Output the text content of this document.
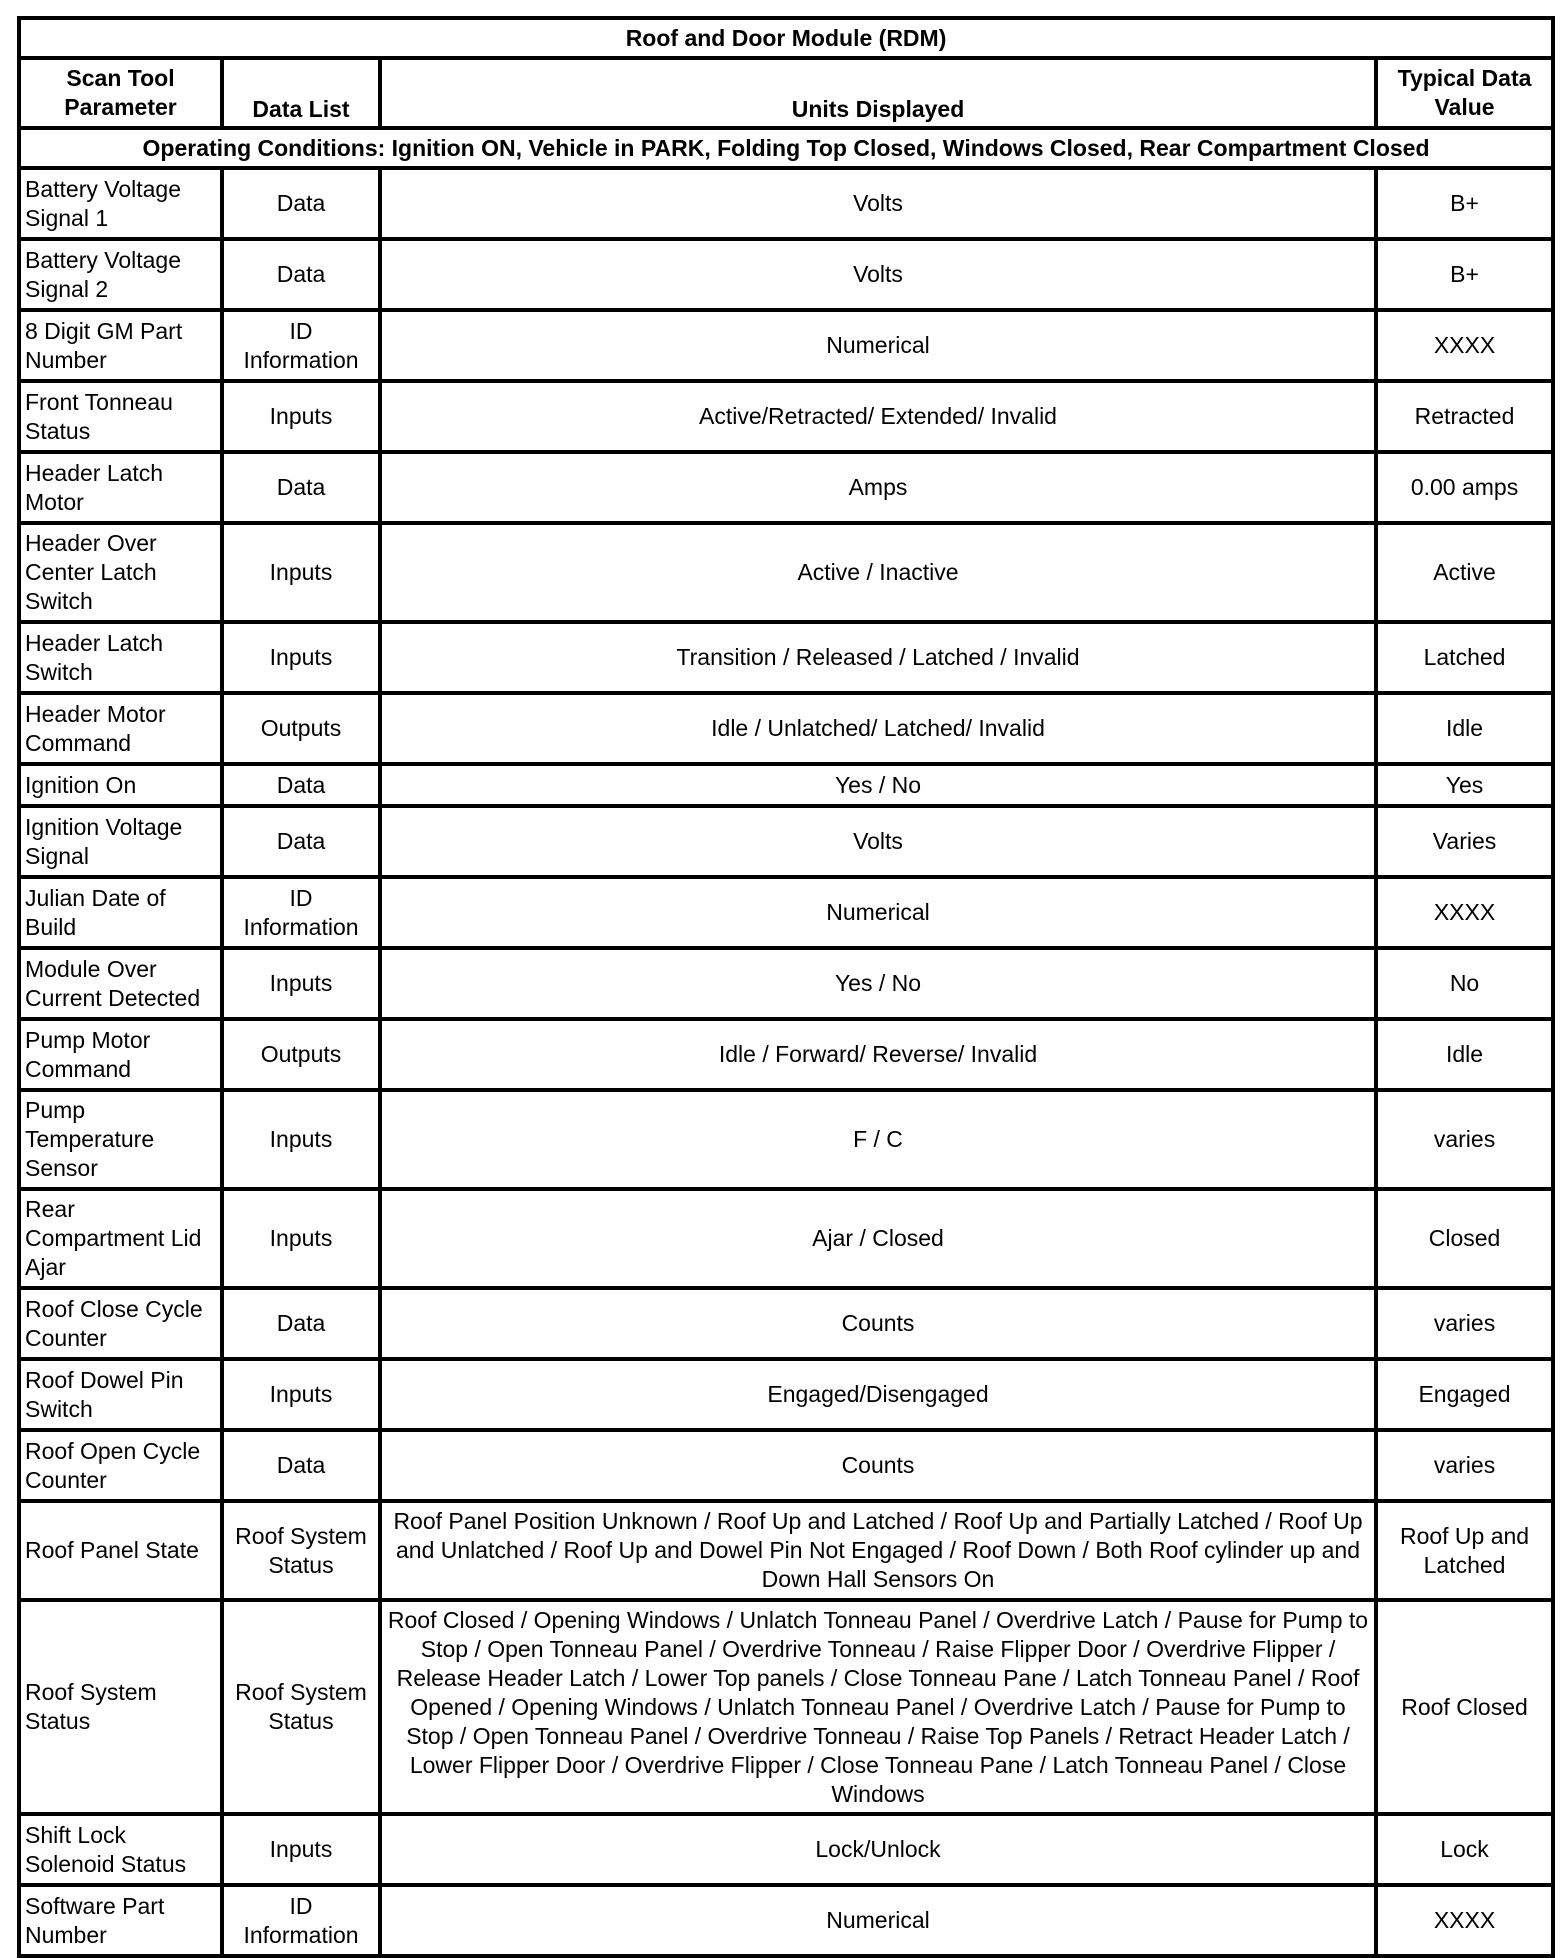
Roof and Door Module (RDM)			
Scan Tool Parameter	Data List	Units Displayed	Typical Data Value
Operating Conditions: Ignition ON, Vehicle in PARK, Folding Top Closed, Windows Closed, Rear Compartment Closed			
Battery Voltage Signal 1	Data	Volts	B+
Battery Voltage Signal 2	Data	Volts	B+
8 Digit GM Part Number	ID Information	Numerical	XXXX
Front Tonneau Status	Inputs	Active/Retracted/ Extended/ Invalid	Retracted
Header Latch Motor	Data	Amps	0.00 amps
Header Over Center Latch Switch	Inputs	Active / Inactive	Active
Header Latch Switch	Inputs	Transition / Released / Latched / Invalid	Latched
Header Motor Command	Outputs	Idle / Unlatched/ Latched/ Invalid	Idle
Ignition On	Data	Yes / No	Yes
Ignition Voltage Signal	Data	Volts	Varies
Julian Date of Build	ID Information	Numerical	XXXX
Module Over Current Detected	Inputs	Yes / No	No
Pump Motor Command	Outputs	Idle / Forward/ Reverse/ Invalid	Idle
Pump Temperature Sensor	Inputs	F / C	varies
Rear Compartment Lid Ajar	Inputs	Ajar / Closed	Closed
Roof Close Cycle Counter	Data	Counts	varies
Roof Dowel Pin Switch	Inputs	Engaged/Disengaged	Engaged
Roof Open Cycle Counter	Data	Counts	varies
Roof Panel State	Roof System Status	Roof Panel Position Unknown / Roof Up and Latched / Roof Up and Partially Latched / Roof Up and Unlatched / Roof Up and Dowel Pin Not Engaged / Roof Down / Both Roof cylinder up and Down Hall Sensors On	Roof Up and Latched
Roof System Status	Roof System Status	Roof Closed / Opening Windows / Unlatch Tonneau Panel / Overdrive Latch / Pause for Pump to Stop / Open Tonneau Panel / Overdrive Tonneau / Raise Flipper Door / Overdrive Flipper / Release Header Latch / Lower Top panels / Close Tonneau Pane / Latch Tonneau Panel / Roof Opened / Opening Windows / Unlatch Tonneau Panel / Overdrive Latch / Pause for Pump to Stop / Open Tonneau Panel / Overdrive Tonneau / Raise Top Panels / Retract Header Latch / Lower Flipper Door / Overdrive Flipper / Close Tonneau Pane / Latch Tonneau Panel / Close Windows	Roof Closed
Shift Lock Solenoid Status	Inputs	Lock/Unlock	Lock
Software Part Number	ID Information	Numerical	XXXX
